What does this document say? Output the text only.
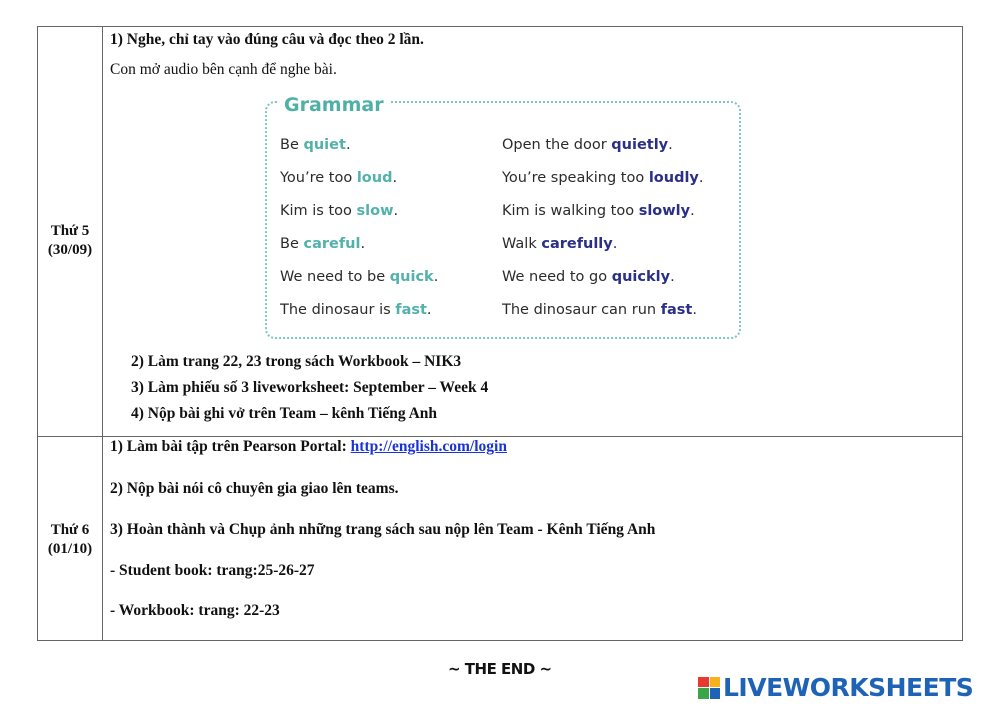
Thứ 5
(30/09)
1) Nghe, chỉ tay vào đúng câu và đọc theo 2 lần.
Con mở audio bên cạnh để nghe bài.
Grammar
Be quiet.
You’re too loud.
Kim is too slow.
Be careful.
We need to be quick.
The dinosaur is fast.
Open the door quietly.
You’re speaking too loudly.
Kim is walking too slowly.
Walk carefully.
We need to go quickly.
The dinosaur can run fast.
2) Làm trang 22, 23 trong sách Workbook – NIK3
3) Làm phiếu số 3 liveworksheet: September – Week 4
4) Nộp bài ghi vở trên Team – kênh Tiếng Anh
Thứ 6
(01/10)
1) Làm bài tập trên Pearson Portal: http://english.com/login
2) Nộp bài nói cô chuyên gia giao lên teams.
3) Hoàn thành và Chụp ảnh những trang sách sau nộp lên Team - Kênh Tiếng Anh
- Student book: trang:25-26-27
- Workbook: trang: 22-23
~ THE END ~
LIVEWORKSHEETS
